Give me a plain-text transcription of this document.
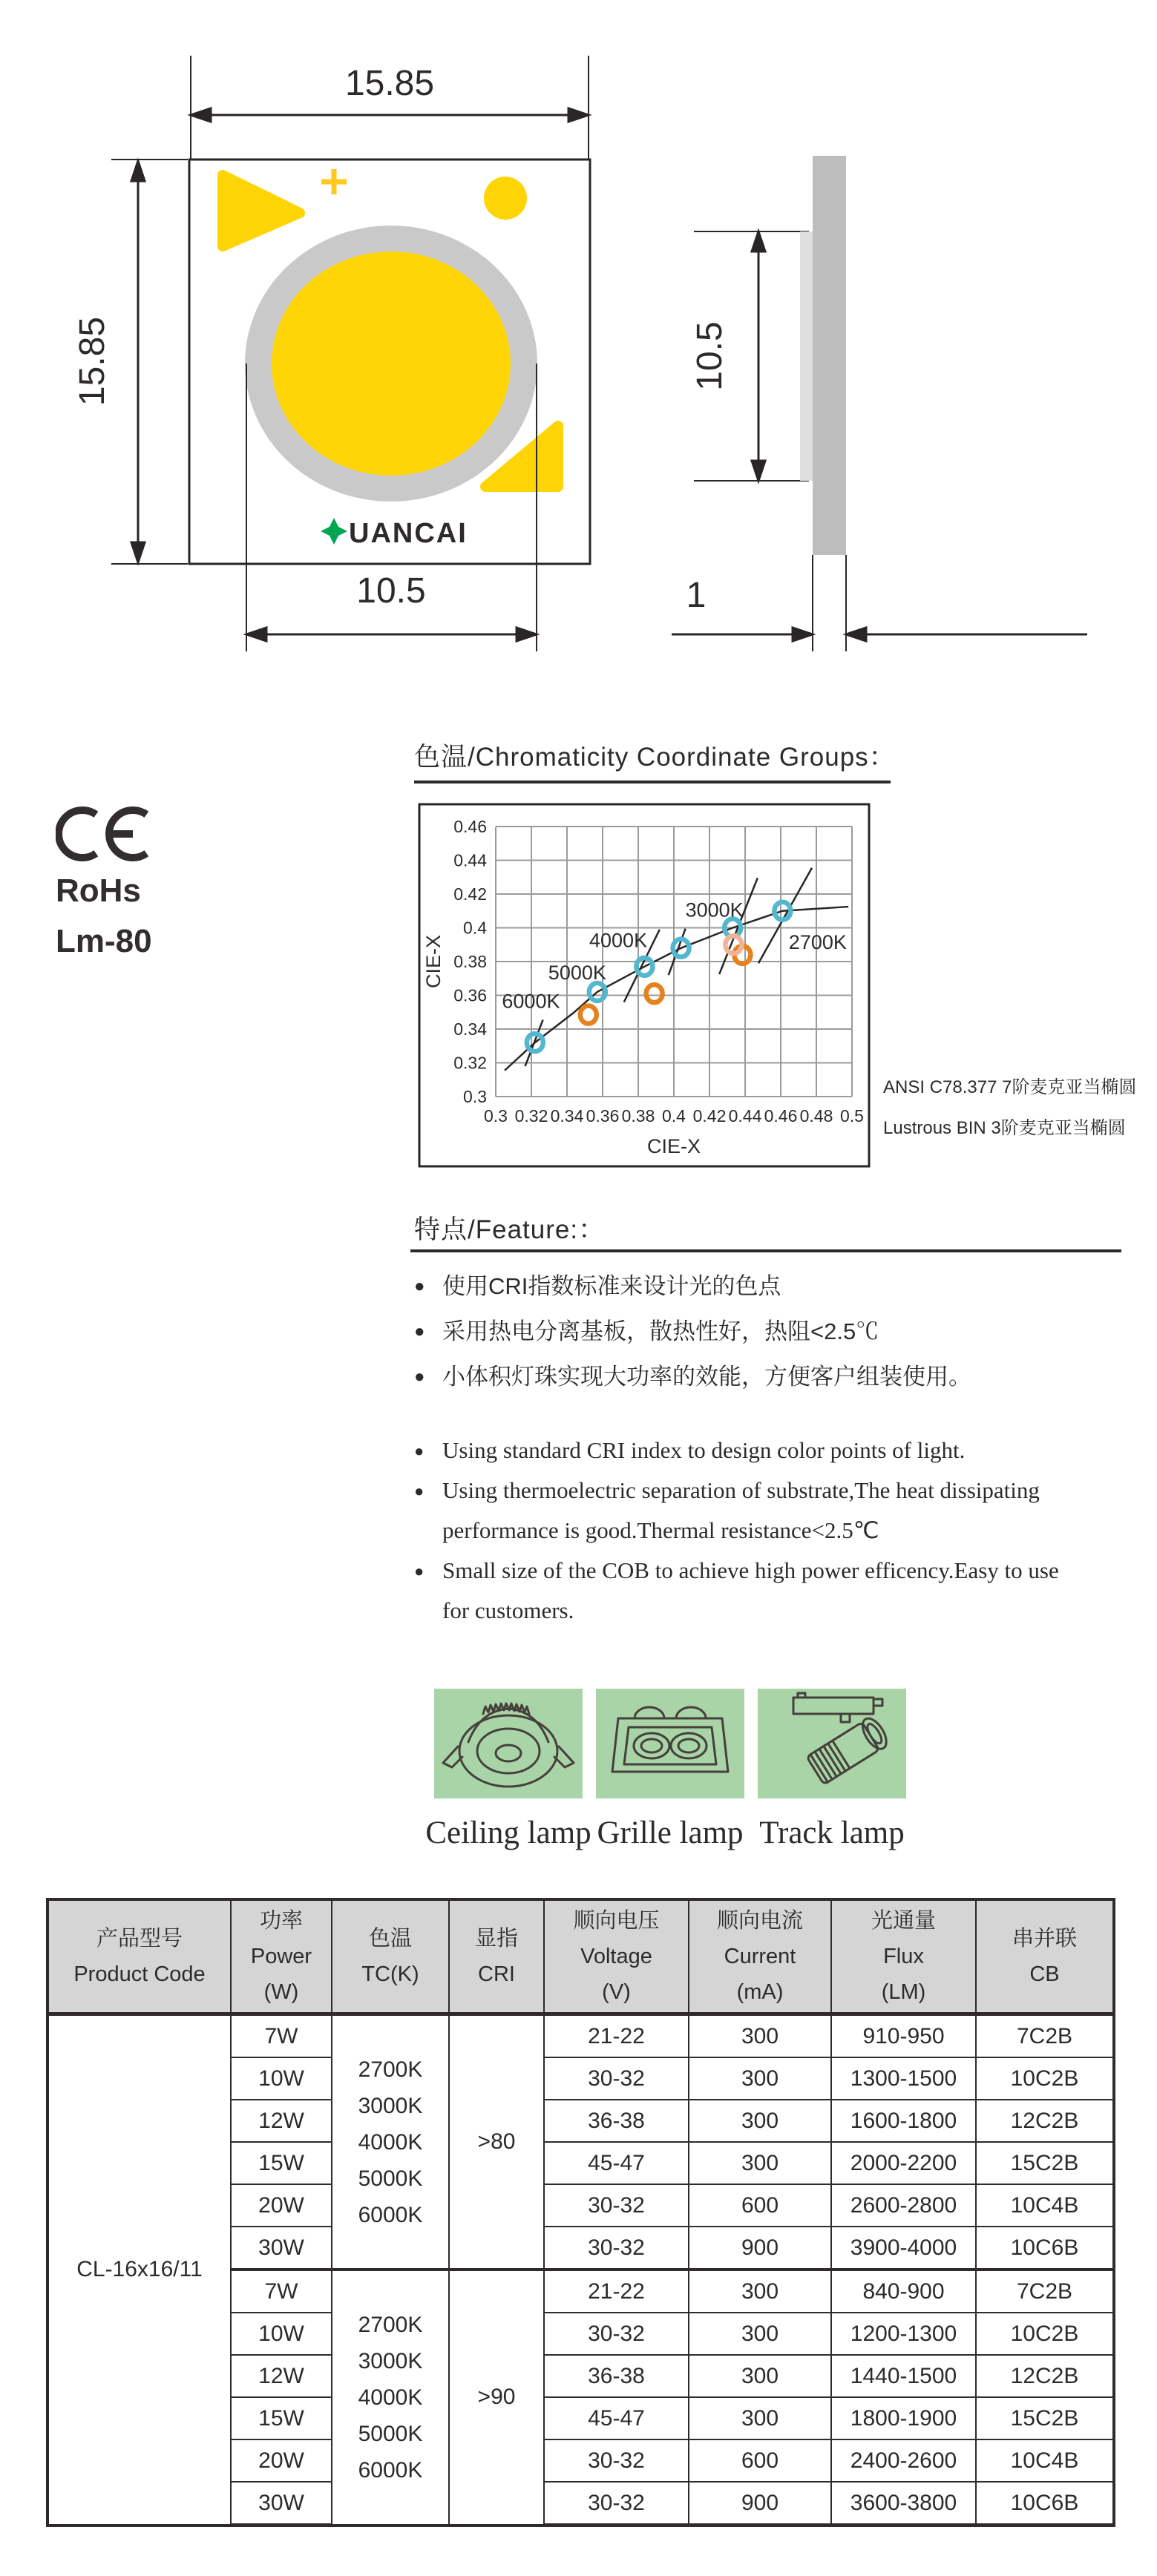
UANCAI
15.85
15.85
10.5
10.5
1
RoHs
Lm-80
色温/Chromaticity Coordinate Groups：
0.3
0.32
0.34
0.36
0.38
0.4
0.42
0.44
0.46
0.3 0.32 0.34 0.36 0.38 0.4 0.42 0.44 0.46 0.48 0.5
CIE-X
CIE-X
6000K
5000K
4000K
3000K
2700K
ANSI C78.377 7阶麦克亚当椭圆
Lustrous BIN 3阶麦克亚当椭圆
特点/Feature:：
● 使用CRI指数标准来设计光的色点
● 采用热电分离基板，散热性好，热阻<2.5℃
● 小体积灯珠实现大功率的效能，方便客户组装使用。
● Using standard CRI index to design color points of light.
● Using thermoelectric separation of substrate,The heat dissipating performance is good.Thermal resistance<2.5℃
● Small size of the COB to achieve high power efficency.Easy to use for customers.
Ceiling lamp Grille lamp Track lamp
产品型号
Product Code	功率
Power
(W)	色温
TC(K)	显指
CRI	顺向电压
Voltage
(V)	顺向电流
Current
(mA)	光通量
Flux
(LM)	串并联
CB
CL-16x16/11	7W	2700K
3000K
4000K
5000K
6000K	>80	21-22	300	910-950	7C2B
	10W			30-32	300	1300-1500	10C2B
	12W			36-38	300	1600-1800	12C2B
	15W			45-47	300	2000-2200	15C2B
	20W			30-32	600	2600-2800	10C4B
	30W			30-32	900	3900-4000	10C6B
	7W	2700K
3000K
4000K
5000K
6000K	>90	21-22	300	840-900	7C2B
	10W			30-32	300	1200-1300	10C2B
	12W			36-38	300	1440-1500	12C2B
	15W			45-47	300	1800-1900	15C2B
	20W			30-32	600	2400-2600	10C4B
	30W			30-32	900	3600-3800	10C6B
